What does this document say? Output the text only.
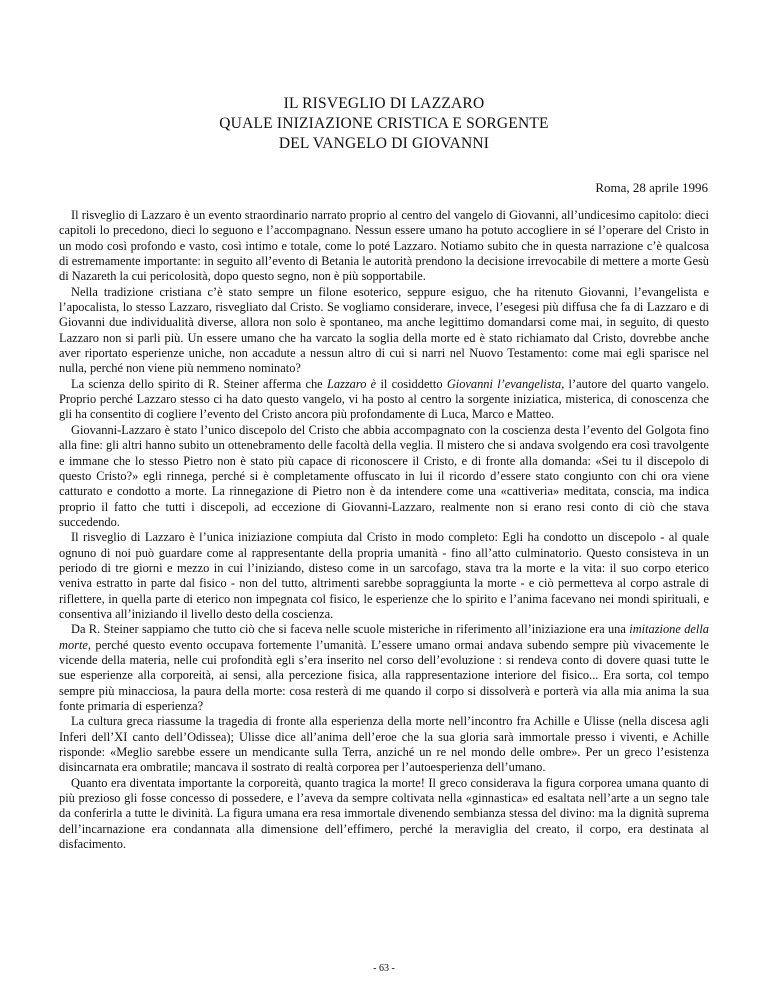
IL RISVEGLIO DI LAZZARO
QUALE INIZIAZIONE CRISTICA E SORGENTE
DEL VANGELO DI GIOVANNI
Roma, 28 aprile 1996

Il risveglio di Lazzaro è un evento straordinario narrato proprio al centro del vangelo di Giovanni, all’undicesimo capitolo: dieci capitoli lo precedono, dieci lo seguono e l’accompagnano. Nessun essere umano ha potuto accogliere in sé l’operare del Cristo in un modo così profondo e vasto, così intimo e totale, come lo poté Lazzaro. Notiamo subito che in questa narrazione c’è qualcosa di estremamente importante: in seguito all’evento di Betania le autorità prendono la decisione irrevocabile di mettere a morte Gesù di Nazareth la cui pericolosità, dopo questo segno, non è più sopportabile.

Nella tradizione cristiana c’è stato sempre un filone esoterico, seppure esiguo, che ha ritenuto Giovanni, l’evangelista e l’apocalista, lo stesso Lazzaro, risvegliato dal Cristo. Se vogliamo considerare, invece, l’esegesi più diffusa che fa di Lazzaro e di Giovanni due individualità diverse, allora non solo è spontaneo, ma anche legittimo domandarsi come mai, in seguito, di questo Lazzaro non si parli più. Un essere umano che ha varcato la soglia della morte ed è stato richiamato dal Cristo, dovrebbe anche aver riportato esperienze uniche, non accadute a nessun altro di cui si narri nel Nuovo Testamento: come mai egli sparisce nel nulla, perché non viene più nemmeno nominato?

La scienza dello spirito di R. Steiner afferma che Lazzaro è il cosiddetto Giovanni l’evangelista, l’autore del quarto vangelo. Proprio perché Lazzaro stesso ci ha dato questo vangelo, vi ha posto al centro la sorgente iniziatica, misterica, di conoscenza che gli ha consentito di cogliere l’evento del Cristo ancora più profondamente di Luca, Marco e Matteo.

Giovanni-Lazzaro è stato l’unico discepolo del Cristo che abbia accompagnato con la coscienza desta l’evento del Golgota fino alla fine: gli altri hanno subito un ottenebramento delle facoltà della veglia. Il mistero che si andava svolgendo era così travolgente e immane che lo stesso Pietro non è stato più capace di riconoscere il Cristo, e di fronte alla domanda: «Sei tu il discepolo di questo Cristo?» egli rinnega, perché si è completamente offuscato in lui il ricordo d’essere stato congiunto con chi ora viene catturato e condotto a morte. La rinnegazione di Pietro non è da intendere come una «cattiveria» meditata, conscia, ma indica proprio il fatto che tutti i discepoli, ad eccezione di Giovanni-Lazzaro, realmente non si erano resi conto di ciò che stava succedendo.

Il risveglio di Lazzaro è l’unica iniziazione compiuta dal Cristo in modo completo: Egli ha condotto un discepolo - al quale ognuno di noi può guardare come al rappresentante della propria umanità - fino all’atto culminatorio. Questo consisteva in un periodo di tre giorni e mezzo in cui l’iniziando, disteso come in un sarcofago, stava tra la morte e la vita: il suo corpo eterico veniva estratto in parte dal fisico - non del tutto, altrimenti sarebbe sopraggiunta la morte - e ciò permetteva al corpo astrale di riflettere, in quella parte di eterico non impegnata col fisico, le esperienze che lo spirito e l’anima facevano nei mondi spirituali, e consentiva all’iniziando il livello desto della coscienza.

Da R. Steiner sappiamo che tutto ciò che si faceva nelle scuole misteriche in riferimento all’iniziazione era una imitazione della morte, perché questo evento occupava fortemente l’umanità. L’essere umano ormai andava subendo sempre più vivacemente le vicende della materia, nelle cui profondità egli s’era inserito nel corso dell’evoluzione : si rendeva conto di dovere quasi tutte le sue esperienze alla corporeità, ai sensi, alla percezione fisica, alla rappresentazione interiore del fisico... Era sorta, col tempo sempre più minacciosa, la paura della morte: cosa resterà di me quando il corpo si dissolverà e porterà via alla mia anima la sua fonte primaria di esperienza?

La cultura greca riassume la tragedia di fronte alla esperienza della morte nell’incontro fra Achille e Ulisse (nella discesa agli Inferi dell’XI canto dell’Odissea); Ulisse dice all’anima dell’eroe che la sua gloria sarà immortale presso i viventi, e Achille risponde: «Meglio sarebbe essere un mendicante sulla Terra, anziché un re nel mondo delle ombre». Per un greco l’esistenza disincarnata era ombratile; mancava il sostrato di realtà corporea per l’autoesperienza dell’umano.

Quanto era diventata importante la corporeità, quanto tragica la morte! Il greco considerava la figura corporea umana quanto di più prezioso gli fosse concesso di possedere, e l’aveva da sempre coltivata nella «ginnastica» ed esaltata nell’arte a un segno tale da conferirla a tutte le divinità. La figura umana era resa immortale divenendo sembianza stessa del divino: ma la dignità suprema dell’incarnazione era condannata alla dimensione dell’effimero, perché la meraviglia del creato, il corpo, era destinata al disfacimento.

- 63 -
